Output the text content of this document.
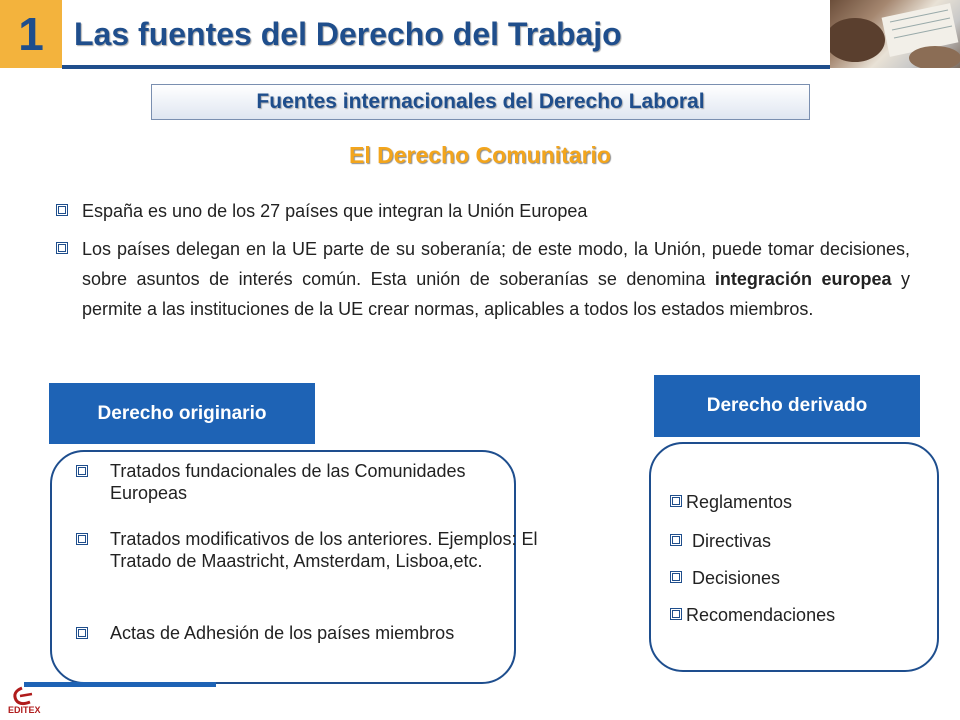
1 Las fuentes del Derecho del Trabajo
Fuentes internacionales del Derecho Laboral
El Derecho Comunitario
España es uno de los 27 países que integran la Unión Europea
Los países delegan en la UE parte de su soberanía; de este modo, la Unión, puede tomar decisiones, sobre asuntos de interés común. Esta unión de soberanías se denomina integración europea y permite a las instituciones de la UE crear normas, aplicables a todos los estados miembros.
Derecho originario
Tratados fundacionales de las Comunidades Europeas
Tratados modificativos de los anteriores. Ejemplos: El Tratado de Maastricht, Amsterdam, Lisboa,etc.
Actas de Adhesión de los países miembros
Derecho derivado
Reglamentos
Directivas
Decisiones
Recomendaciones
EDITEX
